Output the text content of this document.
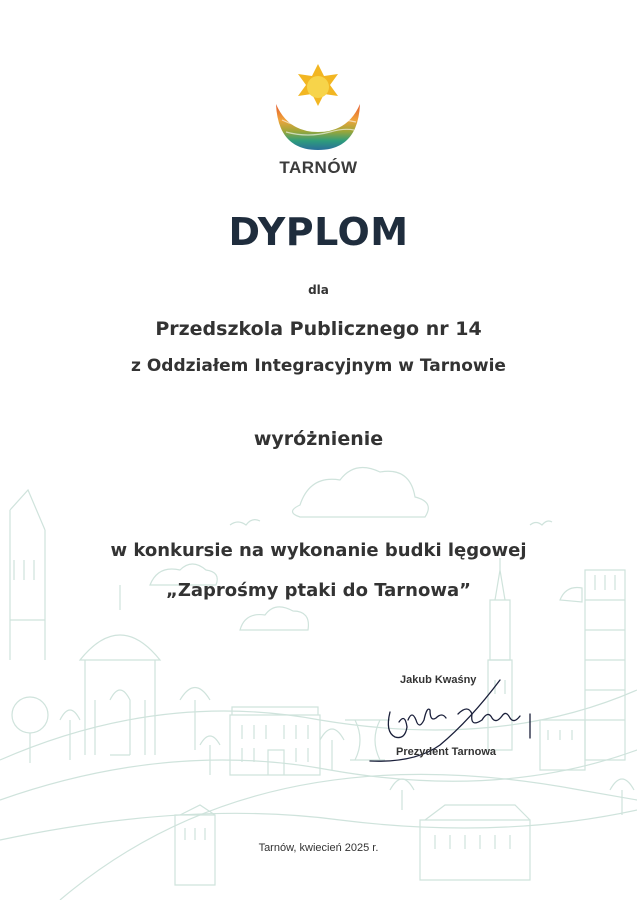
TARNÓW
DYPLOM
dla
Przedszkola Publicznego nr 14
z Oddziałem Integracyjnym w Tarnowie
wyróżnienie
w konkursie na wykonanie budki lęgowej
„Zaprośmy ptaki do Tarnowa”
Jakub Kwaśny
Prezydent Tarnowa
Tarnów, kwiecień 2025 r.
